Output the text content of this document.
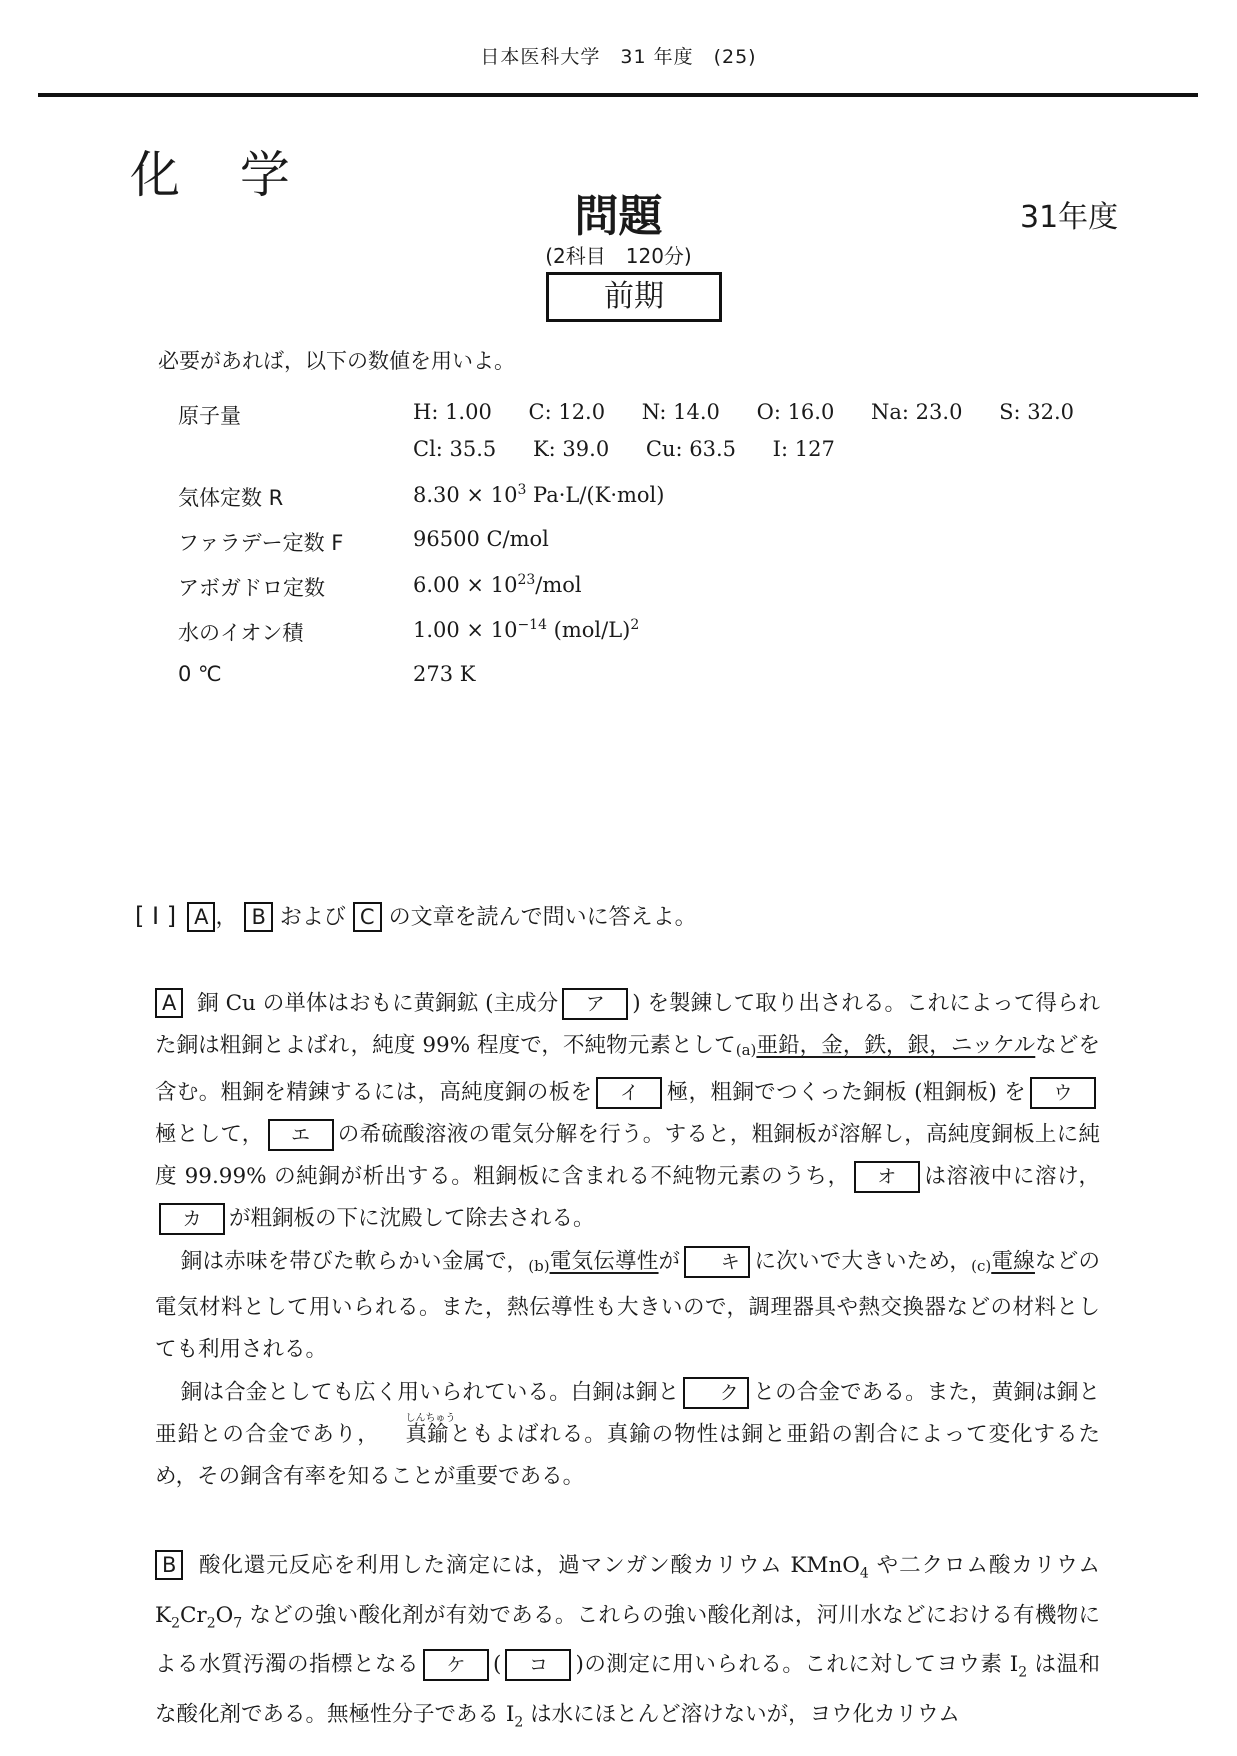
日本医科大学　31 年度　(25)
化 学
問題	31年度
(2科目　120分)
前期
必要があれば，以下の数値を用いよ。
原子量	H: 1.00 C: 12.0 N: 14.0 O: 16.0 Na: 23.0 S: 32.0
Cl: 35.5 K: 39.0 Cu: 63.5 I: 127
気体定数 R	$8.30 \times 10^3$ Pa·L/(K·mol)
ファラデー定数 F	96500 C/mol
アボガドロ定数	$6.00 \times 10^{23}$/mol
水のイオン積	$1.00 \times 10^{-14}$ $(mol/L)^2$
0 ℃	273 K
[ I ] A ， B および C の文章を読んで問いに答えよ。

A 銅 Cu の単体はおもに黄銅鉱 (主成分 ア ) を製錬して取り出される。これによって得られた銅は粗銅とよばれ，純度 99% 程度で，不純物元素として(a)亜鉛，金，鉄，銀，ニッケルなどを含む。粗銅を精錬するには，高純度銅の板を イ 極，粗銅でつくった銅板 (粗銅板) を ウ極として， エ の希硫酸溶液の電気分解を行う。すると，粗銅板が溶解し，高純度銅板上に純度 99.99% の純銅が析出する。粗銅板に含まれる不純物元素のうち， オ は溶液中に溶け，カ が粗銅板の下に沈殿して除去される。

銅は赤味を帯びた軟らかい金属で，(b)電気伝導性が キ に次いで大きいため，(c)電線などの電気材料として用いられる。また，熱伝導性も大きいので，調理器具や熱交換器などの材料としても利用される。

銅は合金としても広く用いられている。白銅は銅と ク との合金である。また，黄銅は銅と亜鉛との合金であり，
しんちゅう
真鍮ともよばれる。真鍮の物性は銅と亜鉛の割合によって変化するため，その銅含有率を知ることが重要である。

B 酸化還元反応を利用した滴定には，過マンガン酸カリウム KMnO$_4$ や二クロム酸カリウム $K_2Cr_2O_7$ などの強い酸化剤が有効である。これらの強い酸化剤は，河川水などにおける有機物による水質汚濁の指標となる ケ ( コ )の測定に用いられる。これに対してヨウ素 $I_2$ は温和な酸化剤である。無極性分子である $I_2$ は水にほとんど溶けないが，ヨウ化カリウム
